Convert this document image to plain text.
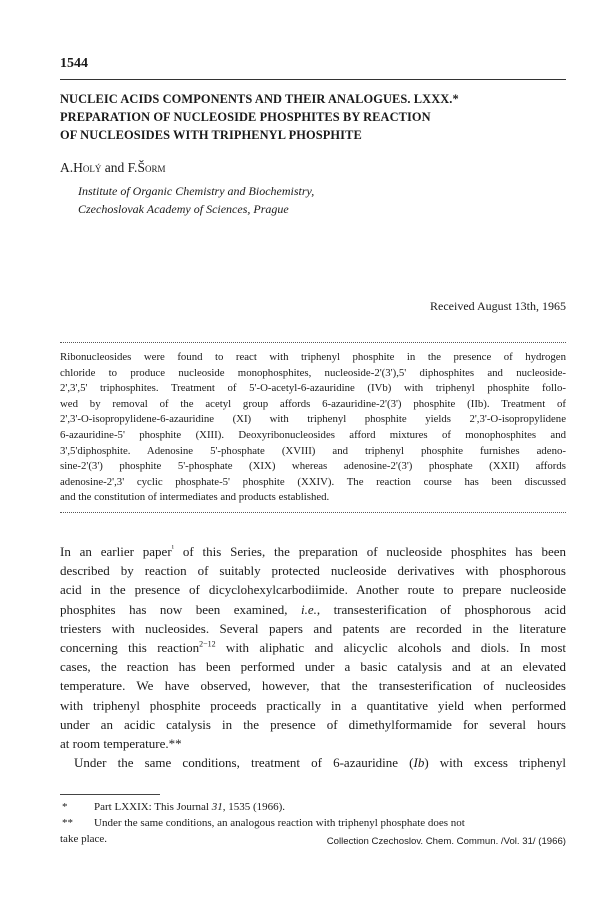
1544
NUCLEIC ACIDS COMPONENTS AND THEIR ANALOGUES. LXXX.*
PREPARATION OF NUCLEOSIDE PHOSPHITES BY REACTION
OF NUCLEOSIDES WITH TRIPHENYL PHOSPHITE
A.Holý and F.Šorm
Institute of Organic Chemistry and Biochemistry,
Czechoslovak Academy of Sciences, Prague
Received August 13th, 1965
Ribonucleosides were found to react with triphenyl phosphite in the presence of hydrogen
chloride to produce nucleoside monophosphites, nucleoside-2'(3'),5' diphosphites and nucleoside-
2',3',5' triphosphites. Treatment of 5'-O-acetyl-6-azauridine (IVb) with triphenyl phosphite follo-
wed by removal of the acetyl group affords 6-azauridine-2'(3') phosphite (IIb). Treatment of
2',3'-O-isopropylidene-6-azauridine (XI) with triphenyl phosphite yields 2',3'-O-isopropylidene
6-azauridine-5' phosphite (XIII). Deoxyribonucleosides afford mixtures of monophosphites and
3',5'diphosphite. Adenosine 5'-phosphate (XVIII) and triphenyl phosphite furnishes adeno-
sine-2'(3') phosphite 5'-phosphate (XIX) whereas adenosine-2'(3') phosphate (XXII) affords
adenosine-2',3' cyclic phosphate-5' phosphite (XXIV). The reaction course has been discussed
and the constitution of intermediates and products established.
In an earlier paper$^{^1}$ of this Series, the preparation of nucleoside phosphites has been
described by reaction of suitably protected nucleoside derivatives with phosphorous
acid in the presence of dicyclohexylcarbodiimide. Another route to prepare nucleoside
phosphites has now been examined, i.e., transesterification of phosphorous acid
triesters with nucleosides. Several papers and patents are recorded in the literature
concerning this reaction$^{2-12}$ with aliphatic and alicyclic alcohols and diols. In most
cases, the reaction has been performed under a basic catalysis and at an elevated
temperature. We have observed, however, that the transesterification of nucleosides
with triphenyl phosphite proceeds practically in a quantitative yield when performed
under an acidic catalysis in the presence of dimethylformamide for several hours
at room temperature.**
Under the same conditions, treatment of 6-azauridine (Ib) with excess triphenyl
* Part LXXIX: This Journal 31, 1535 (1966).
** Under the same conditions, an analogous reaction with triphenyl phosphate does not
take place.	Collection Czechoslov. Chem. Commun. /Vol. 31/ (1966)
